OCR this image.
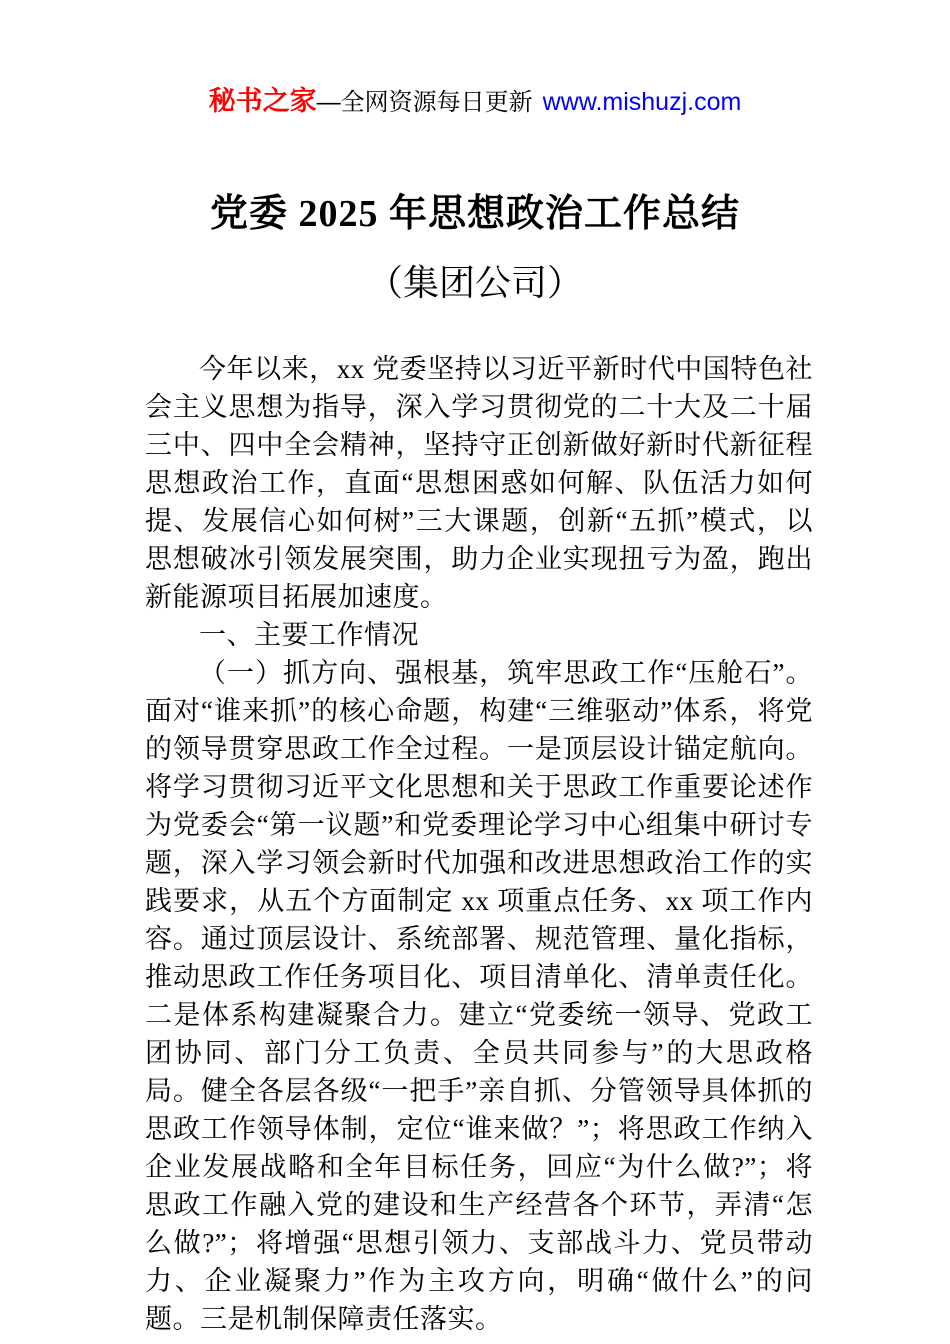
秘书之家—全网资源每日更新 www.mishuzj.com
党委 2025 年思想政治工作总结
（集团公司）

今年以来，xx 党委坚持以习近平新时代中国特色社会主义思想为指导，深入学习贯彻党的二十大及二十届三中、四中全会精神，坚持守正创新做好新时代新征程思想政治工作，直面“思想困惑如何解、队伍活力如何提、发展信心如何树”三大课题，创新“五抓”模式，以思想破冰引领发展突围，助力企业实现扭亏为盈，跑出新能源项目拓展加速度。

一、主要工作情况

（一）抓方向、强根基，筑牢思政工作“压舱石”。面对“谁来抓”的核心命题，构建“三维驱动”体系，将党的领导贯穿思政工作全过程。一是顶层设计锚定航向。将学习贯彻习近平文化思想和关于思政工作重要论述作为党委会“第一议题”和党委理论学习中心组集中研讨专题，深入学习领会新时代加强和改进思想政治工作的实践要求，从五个方面制定 xx 项重点任务、xx 项工作内容。通过顶层设计、系统部署、规范管理、量化指标，推动思政工作任务项目化、项目清单化、清单责任化。二是体系构建凝聚合力。建立“党委统一领导、党政工团协同、部门分工负责、全员共同参与”的大思政格局。健全各层各级“一把手”亲自抓、分管领导具体抓的思政工作领导体制，定位“谁来做？”；将思政工作纳入企业发展战略和全年目标任务，回应“为什么做?”；将思政工作融入党的建设和生产经营各个环节，弄清“怎么做?”；将增强“思想引领力、支部战斗力、党员带动力、企业凝聚力”作为主攻方向，明确“做什么”的问题。三是机制保障责任落实。
